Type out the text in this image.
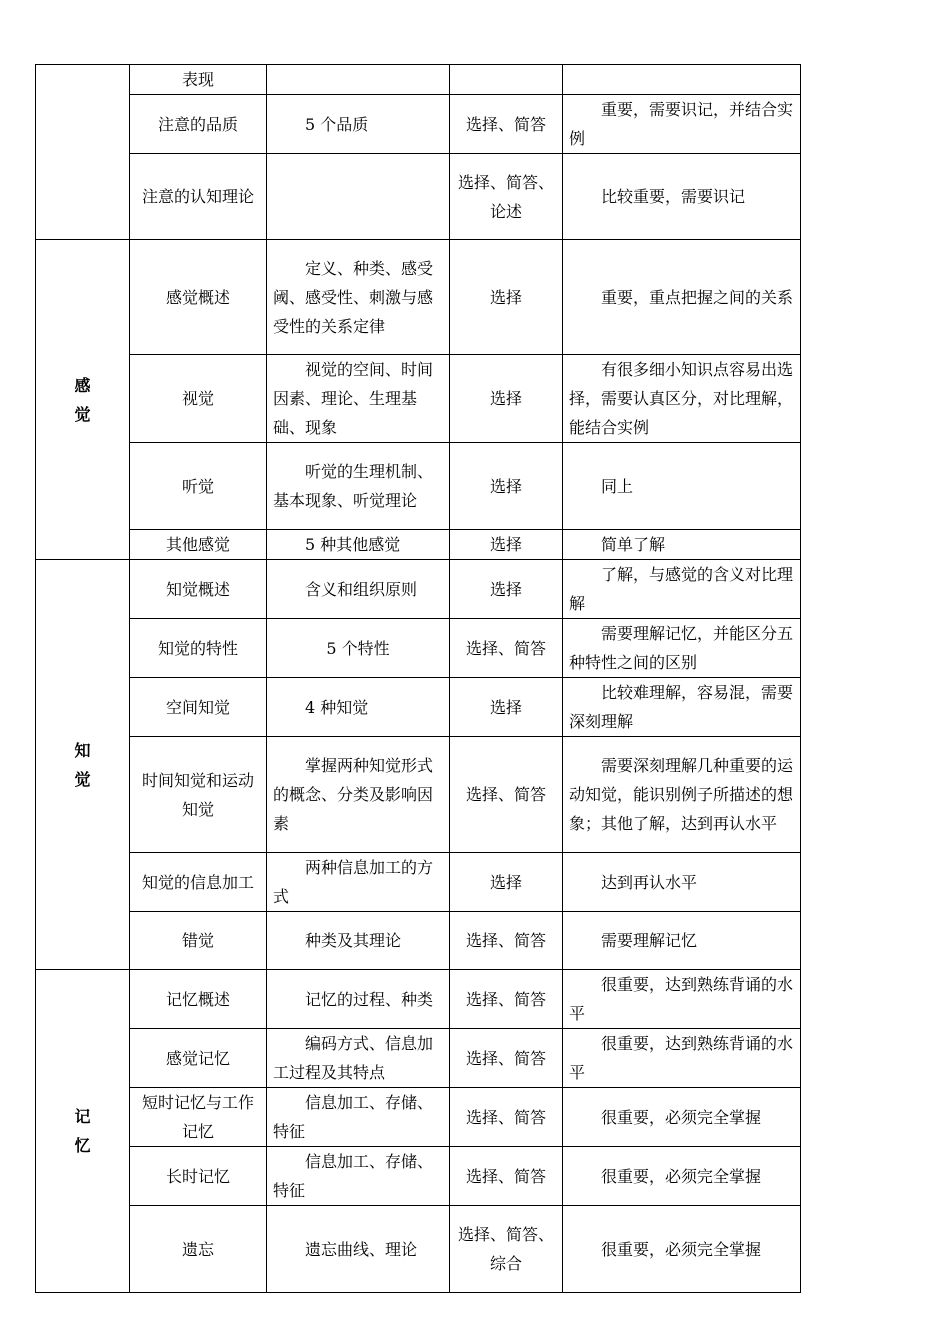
	表现			
	注意的品质	5 个品质	选择、简答	重要，需要识记，并结合实例
	注意的认知理论		选择、简答、论述	比较重要，需要识记

感
觉	感觉概述	定义、种类、感受阈、感受性、刺激与感受性的关系定律	选择	重要，重点把握之间的关系
	视觉	视觉的空间、时间因素、理论、生理基础、现象	选择	有很多细小知识点容易出选择，需要认真区分，对比理解，能结合实例
	听觉	听觉的生理机制、基本现象、听觉理论	选择	同上
	其他感觉	5 种其他感觉	选择	简单了解

知
觉	知觉概述	含义和组织原则	选择	了解，与感觉的含义对比理解
	知觉的特性	5 个特性	选择、简答	需要理解记忆，并能区分五种特性之间的区别
	空间知觉	4 种知觉	选择	比较难理解，容易混，需要深刻理解
	时间知觉和运动知觉	掌握两种知觉形式的概念、分类及影响因素	选择、简答	需要深刻理解几种重要的运动知觉，能识别例子所描述的想象；其他了解，达到再认水平
	知觉的信息加工	两种信息加工的方式	选择	达到再认水平
	错觉	种类及其理论	选择、简答	需要理解记忆

记
忆	记忆概述	记忆的过程、种类	选择、简答	很重要，达到熟练背诵的水平
	感觉记忆	编码方式、信息加工过程及其特点	选择、简答	很重要，达到熟练背诵的水平
	短时记忆与工作记忆	信息加工、存储、特征	选择、简答	很重要，必须完全掌握
	长时记忆	信息加工、存储、特征	选择、简答	很重要，必须完全掌握
	遗忘	遗忘曲线、理论	选择、简答、综合	很重要，必须完全掌握
